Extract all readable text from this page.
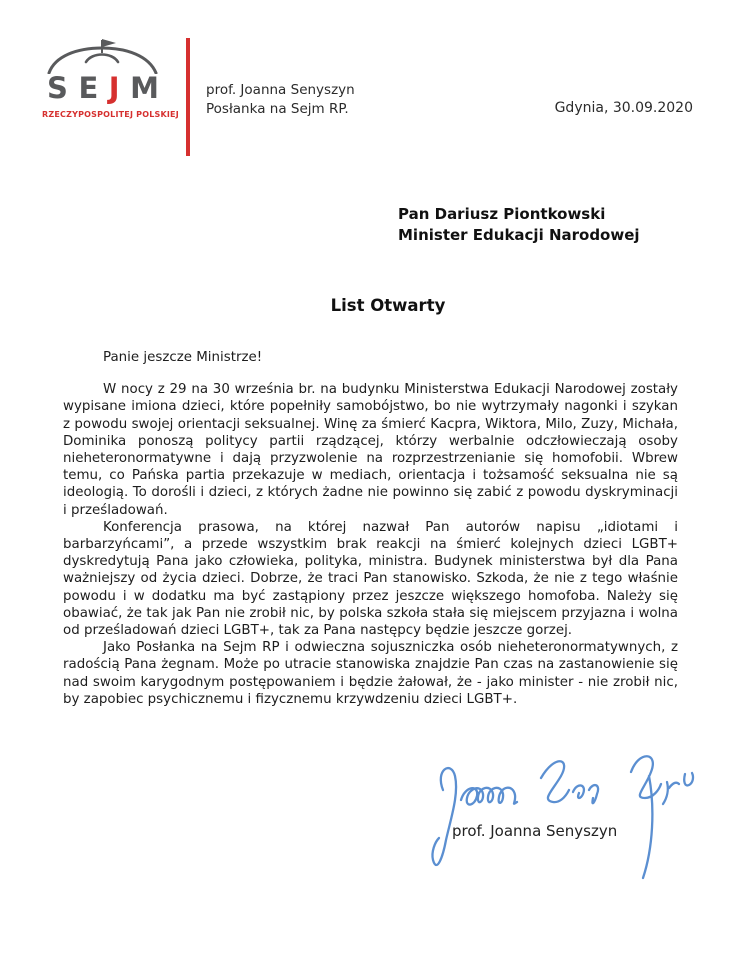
S E J M
RZECZYPOSPOLITEJ POLSKIEJ
prof. Joanna Senyszyn
Posłanka na Sejm RP.	Gdynia, 30.09.2020
Pan Dariusz Piontkowski
Minister Edukacji Narodowej
List Otwarty

Panie jeszcze Ministrze!

W nocy z 29 na 30 września br. na budynku Ministerstwa Edukacji Narodowej zostały wypisane imiona dzieci, które popełniły samobójstwo, bo nie wytrzymały nagonki i szykan z powodu swojej orientacji seksualnej. Winę za śmierć Kacpra, Wiktora, Milo, Zuzy, Michała, Dominika ponoszą politycy partii rządzącej, którzy werbalnie odczłowieczają osoby nieheteronormatywne i dają przyzwolenie na rozprzestrzenianie się homofobii. Wbrew temu, co Pańska partia przekazuje w mediach, orientacja i tożsamość seksualna nie są ideologią. To dorośli i dzieci, z których żadne nie powinno się zabić z powodu dyskryminacji i prześladowań.

Konferencja prasowa, na której nazwał Pan autorów napisu „idiotami i barbarzyńcami”, a przede wszystkim brak reakcji na śmierć kolejnych dzieci LGBT+ dyskredytują Pana jako człowieka, polityka, ministra. Budynek ministerstwa był dla Pana ważniejszy od życia dzieci. Dobrze, że traci Pan stanowisko. Szkoda, że nie z tego właśnie powodu i w dodatku ma być zastąpiony przez jeszcze większego homofoba. Należy się obawiać, że tak jak Pan nie zrobił nic, by polska szkoła stała się miejscem przyjazna i wolna od prześladowań dzieci LGBT+, tak za Pana następcy będzie jeszcze gorzej.

Jako Posłanka na Sejm RP i odwieczna sojuszniczka osób nieheteronormatywnych, z radością Pana żegnam. Może po utracie stanowiska znajdzie Pan czas na zastanowienie się nad swoim karygodnym postępowaniem i będzie żałował, że - jako minister - nie zrobił nic, by zapobiec psychicznemu i fizycznemu krzywdzeniu dzieci LGBT+.

prof. Joanna Senyszyn
